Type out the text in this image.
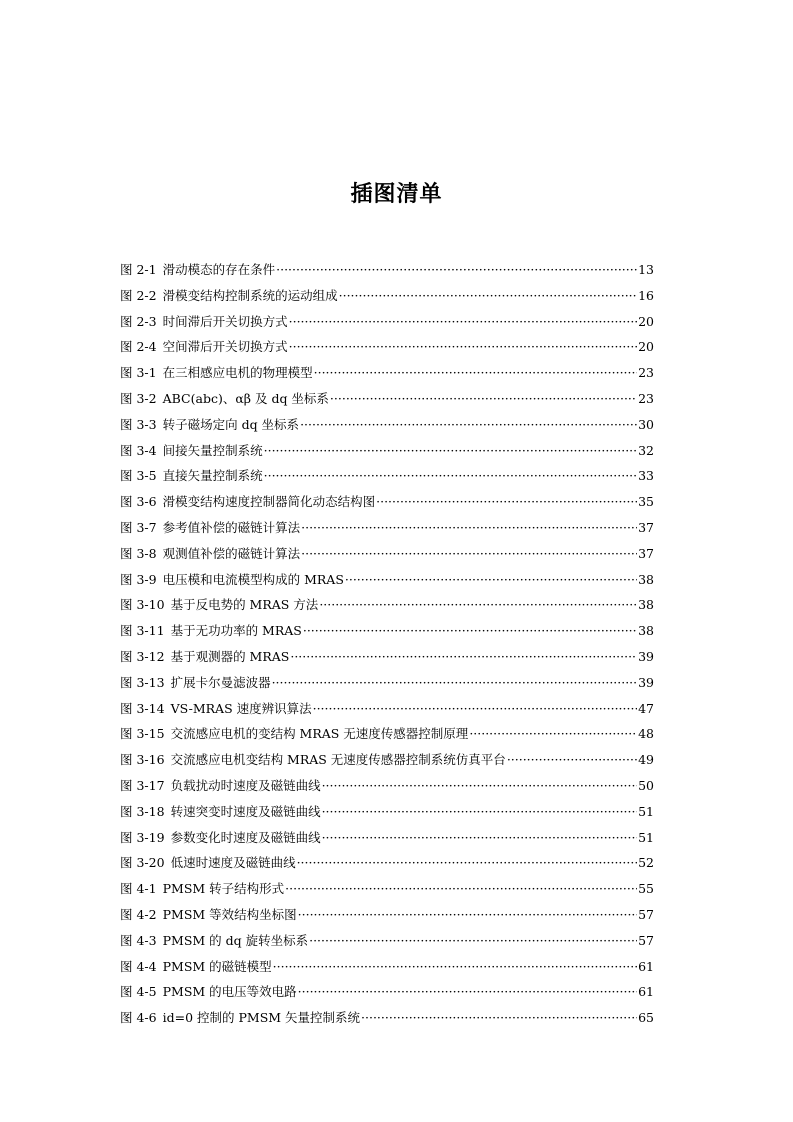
插图清单
图 2-1 滑动模态的存在条件 ·····	13
图 2-2 滑模变结构控制系统的运动组成 ·····	16
图 2-3 时间滞后开关切换方式 ·····	20
图 2-4 空间滞后开关切换方式 ·····	20
图 3-1 在三相感应电机的物理模型 ·····	23
图 3-2 ABC(abc)、αβ 及 dq 坐标系 ·····	23
图 3-3 转子磁场定向 dq 坐标系 ·····	30
图 3-4 间接矢量控制系统 ·····	32
图 3-5 直接矢量控制系统 ·····	33
图 3-6 滑模变结构速度控制器简化动态结构图 ·····	35
图 3-7 参考值补偿的磁链计算法 ·····	37
图 3-8 观测值补偿的磁链计算法 ·····	37
图 3-9 电压模和电流模型构成的 MRAS ·····	38
图 3-10 基于反电势的 MRAS 方法 ·····	38
图 3-11 基于无功功率的 MRAS ·····	38
图 3-12 基于观测器的 MRAS ·····	39
图 3-13 扩展卡尔曼滤波器 ·····	39
图 3-14 VS-MRAS 速度辨识算法 ·····	47
图 3-15 交流感应电机的变结构 MRAS 无速度传感器控制原理 ·····	48
图 3-16 交流感应电机变结构 MRAS 无速度传感器控制系统仿真平台 ·····	49
图 3-17 负载扰动时速度及磁链曲线 ·····	50
图 3-18 转速突变时速度及磁链曲线 ·····	51
图 3-19 参数变化时速度及磁链曲线 ·····	51
图 3-20 低速时速度及磁链曲线 ·····	52
图 4-1 PMSM 转子结构形式 ·····	55
图 4-2 PMSM 等效结构坐标图 ·····	57
图 4-3 PMSM 的 dq 旋转坐标系 ·····	57
图 4-4 PMSM 的磁链模型 ·····	61
图 4-5 PMSM 的电压等效电路 ·····	61
图 4-6 id=0 控制的 PMSM 矢量控制系统 ·····	65
